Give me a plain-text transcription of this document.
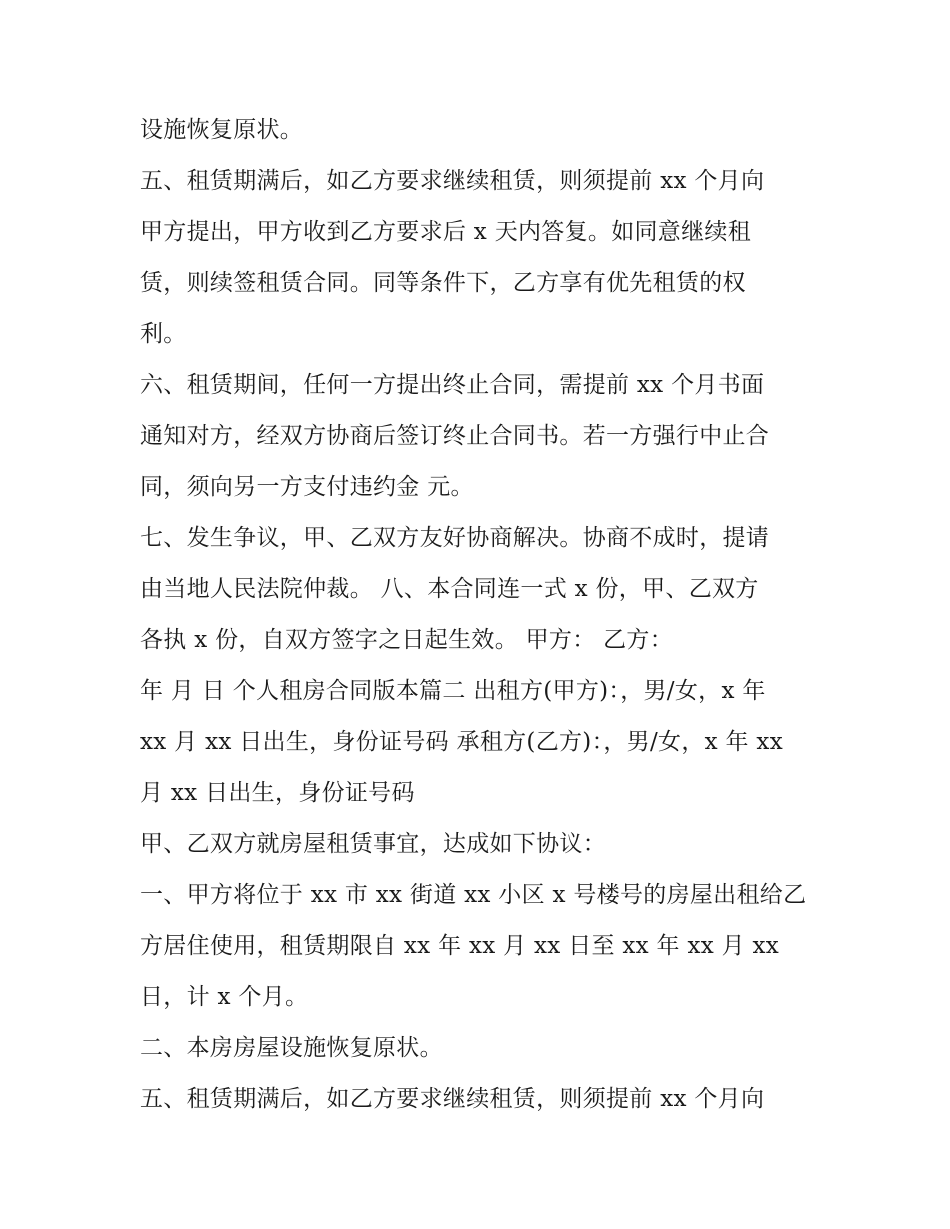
设施恢复原状。
五、租赁期满后，如乙方要求继续租赁，则须提前 xx 个月向
甲方提出，甲方收到乙方要求后 x 天内答复。如同意继续租
赁，则续签租赁合同。同等条件下，乙方享有优先租赁的权
利。
六、租赁期间，任何一方提出终止合同，需提前 xx 个月书面
通知对方，经双方协商后签订终止合同书。若一方强行中止合
同，须向另一方支付违约金 元。
七、发生争议，甲、乙双方友好协商解决。协商不成时，提请
由当地人民法院仲裁。 八、本合同连一式 x 份，甲、乙双方
各执 x 份，自双方签字之日起生效。 甲方： 乙方：
年 月 日 个人租房合同版本篇二 出租方(甲方)：，男/女，x 年
xx 月 xx 日出生，身份证号码 承租方(乙方)：，男/女，x 年 xx
月 xx 日出生，身份证号码
甲、乙双方就房屋租赁事宜，达成如下协议：
一、甲方将位于 xx 市 xx 街道 xx 小区 x 号楼号的房屋出租给乙
方居住使用，租赁期限自 xx 年 xx 月 xx 日至 xx 年 xx 月 xx
日，计 x 个月。
二、本房房屋设施恢复原状。
五、租赁期满后，如乙方要求继续租赁，则须提前 xx 个月向
